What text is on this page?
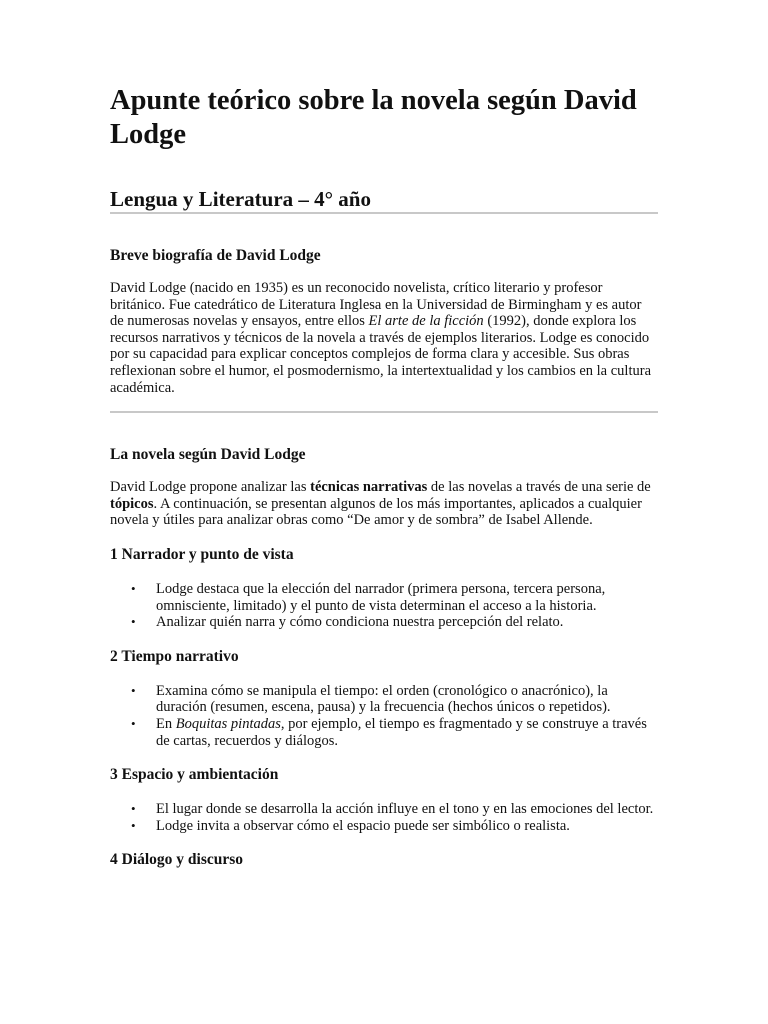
Apunte teórico sobre la novela según David Lodge
Lengua y Literatura – 4° año
Breve biografía de David Lodge

David Lodge (nacido en 1935) es un reconocido novelista, crítico literario y profesor británico. Fue catedrático de Literatura Inglesa en la Universidad de Birmingham y es autor de numerosas novelas y ensayos, entre ellos El arte de la ficción (1992), donde explora los recursos narrativos y técnicos de la novela a través de ejemplos literarios. Lodge es conocido por su capacidad para explicar conceptos complejos de forma clara y accesible. Sus obras reflexionan sobre el humor, el posmodernismo, la intertextualidad y los cambios en la cultura académica.

La novela según David Lodge

David Lodge propone analizar las técnicas narrativas de las novelas a través de una serie de tópicos. A continuación, se presentan algunos de los más importantes, aplicados a cualquier novela y útiles para analizar obras como “De amor y de sombra” de Isabel Allende.

1 Narrador y punto de vista
• Lodge destaca que la elección del narrador (primera persona, tercera persona, omnisciente, limitado) y el punto de vista determinan el acceso a la historia.
• Analizar quién narra y cómo condiciona nuestra percepción del relato.
2 Tiempo narrativo
• Examina cómo se manipula el tiempo: el orden (cronológico o anacrónico), la duración (resumen, escena, pausa) y la frecuencia (hechos únicos o repetidos).
• En Boquitas pintadas, por ejemplo, el tiempo es fragmentado y se construye a través de cartas, recuerdos y diálogos.
3 Espacio y ambientación
• El lugar donde se desarrolla la acción influye en el tono y en las emociones del lector.
• Lodge invita a observar cómo el espacio puede ser simbólico o realista.
4 Diálogo y discurso
